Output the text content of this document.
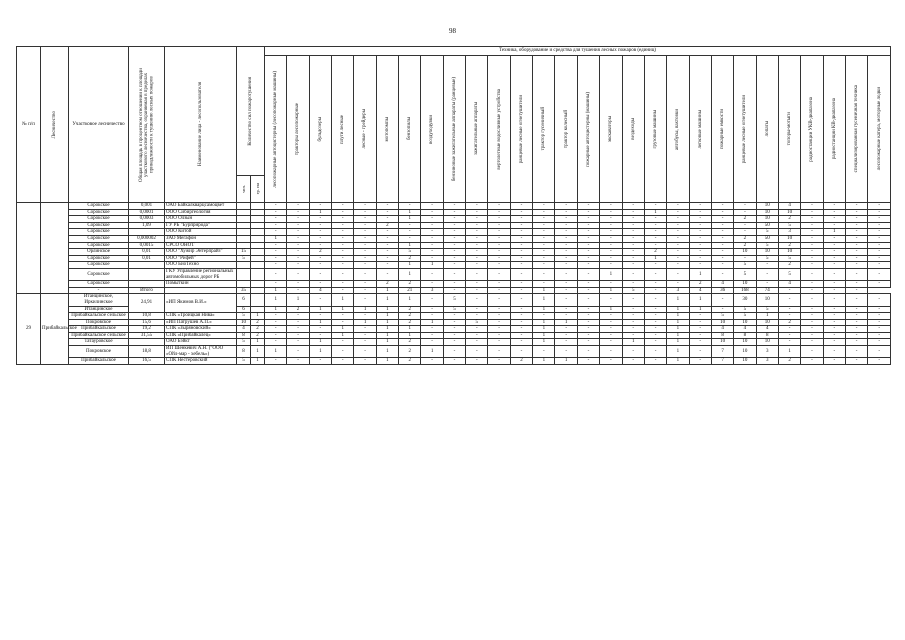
98
№ п/п	Лесничество	Участковое лесничество	Общая площадь в процентном отношении к площади участкового лесничества, охраняемая в пределах принадлежности к тушению лесных пожаров	Наименование лица - лесопользователя	Количество сил пожаротушения		Техника, оборудование и средства для тушения лесных пожаров (единиц)																											

							лесопожарные автоцистерны (лесопожарные машины)	тракторы лесопожарные	бульдозеры	плуги лесные	лесные - грейдеры	мотопомпы	бензопилы	воздуходувки	бензиновые зажигательные аппараты (ранцевые)	зажигательные аппараты	вертолетные водосливные устройства	ранцевые лесные огнетушители	трактор гусеничный	трактор колесный	пожарные автоцистерны (машины)	экскаваторы	вездеходы	грузовые машины	автобусы, вахтовки	легковые машины	пожарные емкости	ранцевые лесные огнетушители	лопаты	топоры-мотыги	радиостанции УКВ-диапазона	радиостанции КВ-диапазона	специализированная гусеничная техника	лесопожарные катера, моторные лодки

					чел.	гр. пн																												

		Сорокское	0,001	ОАО Байкалкварцсамоцвет			-	-	-	-	-	-	-	-	-	-	-	-	-	-	-	-	-	-	-	-	-	-	10	4	-	-	-	-
		Сорокское	0,0001	ООО Сибиргеология			-	-	1	-	-	-	1	-	-	-	-	-	-	-	-	-	-	1	-	-	-	-	10	10	-	-	-	-
		Сорокское	0,0003	ООО Олзын			-	-	-	-	-	-	1	-	-	-	-	-	-	-	-	-	-	-	-	-	-	2	10	2	-	-	-	-
		Сорокское	1,09	ГУ РБ "Бурприрода"			-	-	-	-	-	2	-	-	-	-	-	-	-	-	-	-	-	-	-	-	-	-	50	5	-	-	-	-
		Сорокское		ООО Китой			-	-	-	-	-	-	-	-	-	-	-	-	-	-	-	-	-	-	-	-	-	-	5	3	-	1	-	-
		Сорокское	0,000002	ЗАО Мегафон			1	-	-	-	-	-	-	-	-	-	-	-	-	-	-	-	-	-	-	-	-	2	50	10	-	-	-	-
		Сорокское	0,0015	СРСО ОНОТ			-	-	-	-	-	-	1	-	-	-	-	-	-	-	-	-	-	-	-	-	-	2	5	2	-	-	-	-
		Орлинское	0,01	ООО "Хужир Энтерпрайз"	15		-	-	2	-	-	-	5	-	-	-	-	-	-	-	-	-	-	2	-	-	-	10	10	10	-	-	-	-
		Сорокское	0,01	ООО "Рифей"	5		-	-	-	-	-	-	2	-	-	-	-	-	-	-	-	-	-	1	-	-	-	-	5	5	-	-	-	-
		Сорокское		ООО БиоТехно			-	-	-	-	-	-	1	1	-	-	-	-	-	-	-	-	-	-	-	-	-	5	-	2	-	-	-	-
		Сорокское		ГКУ Управление региональных автомобильных дорог РБ			-	-	-	-	-	-	1	-	-	-	-	-	-	-	-	1	-	-	-	1	-	5	-	5	-	-	-	-
		Сорокское		Помыткин			-	-	-	-	-	2	2	-	-	-	-	-	-	-	-	-	-	-	-	2	4	10	-	4	-	-	-	-
		-	Итого		35		1	-	4	-	-	1	21	3	-	-	-	-	1	-	-	1	5	-	3	4	36	168	74	-	-	-	-	
29	Прибайкальское	Итанцинское, Иркилинское	24,91	«ИП Якимов В.И.»	6		1	1	-	1	-	1	1	-	5	-	-	-	1	-	-	-	-	-	1	1	-	30	10	-	-	-	-	-
		Итанцинское			6		1	2	1	1	1	1	2	-	5	-	-	-	1	-	-	1	-	-	1	1	-	5	5	-	-	-	-	-
		Прибайкальское сельское	10,8	СПК «Троицкая Нива»	5	1	-	-	-	-	-	1	2	-	-	-	-	-	-	-	-	-	-	-	1	-	5	5	1	-	-	-	-	-
		Покровское	15,6	«ИП Патрушев А.П.»	10	2	-	-	1	-	1	1	2	1	-	5	-	-	1	1	-	-	-	-	1	-	10	10	10	2	-	-	-	-
		Прибайкальское	19,2	СПК «Зыряновский»	4	2	-	-	-	1	-	1	1	-	-	-	-	-	1	-	-	-	-	-	1	-	4	4	4	-	-	-	-	-
		Прибайкальское сельское	31,55	СПК «Прибайкалец»	8	2	-	-	-	1	-	1	1	-	-	-	-	-	1	-	-	-	-	-	1	-	8	8	8	-	-	-	-	-
		Татауровское		ОАО Бэйкт	5	1	-	-	1	-	-	1	2	-	-	-	-	-	1	-	-	-	1	-	1	-	10	10	10	-	-	-	-	-
		Покровское	18,8	ИП Шенкевич А.Н. ("ООО «Ойл-мар - хебель»)	8	1	1	-	1	-	-	1	2	1	-	-	-	-	-	-	-	-	-	-	1	-	7	10	3	1	-	-	-	-
		Прибайкальское	16,5	СПК Нестеровский	5	1	-	-	-	-	-	1	2	-	-	-	-	2	1	1	-	-	-	-	1	-	7	10	3	2	-	-	-	-
